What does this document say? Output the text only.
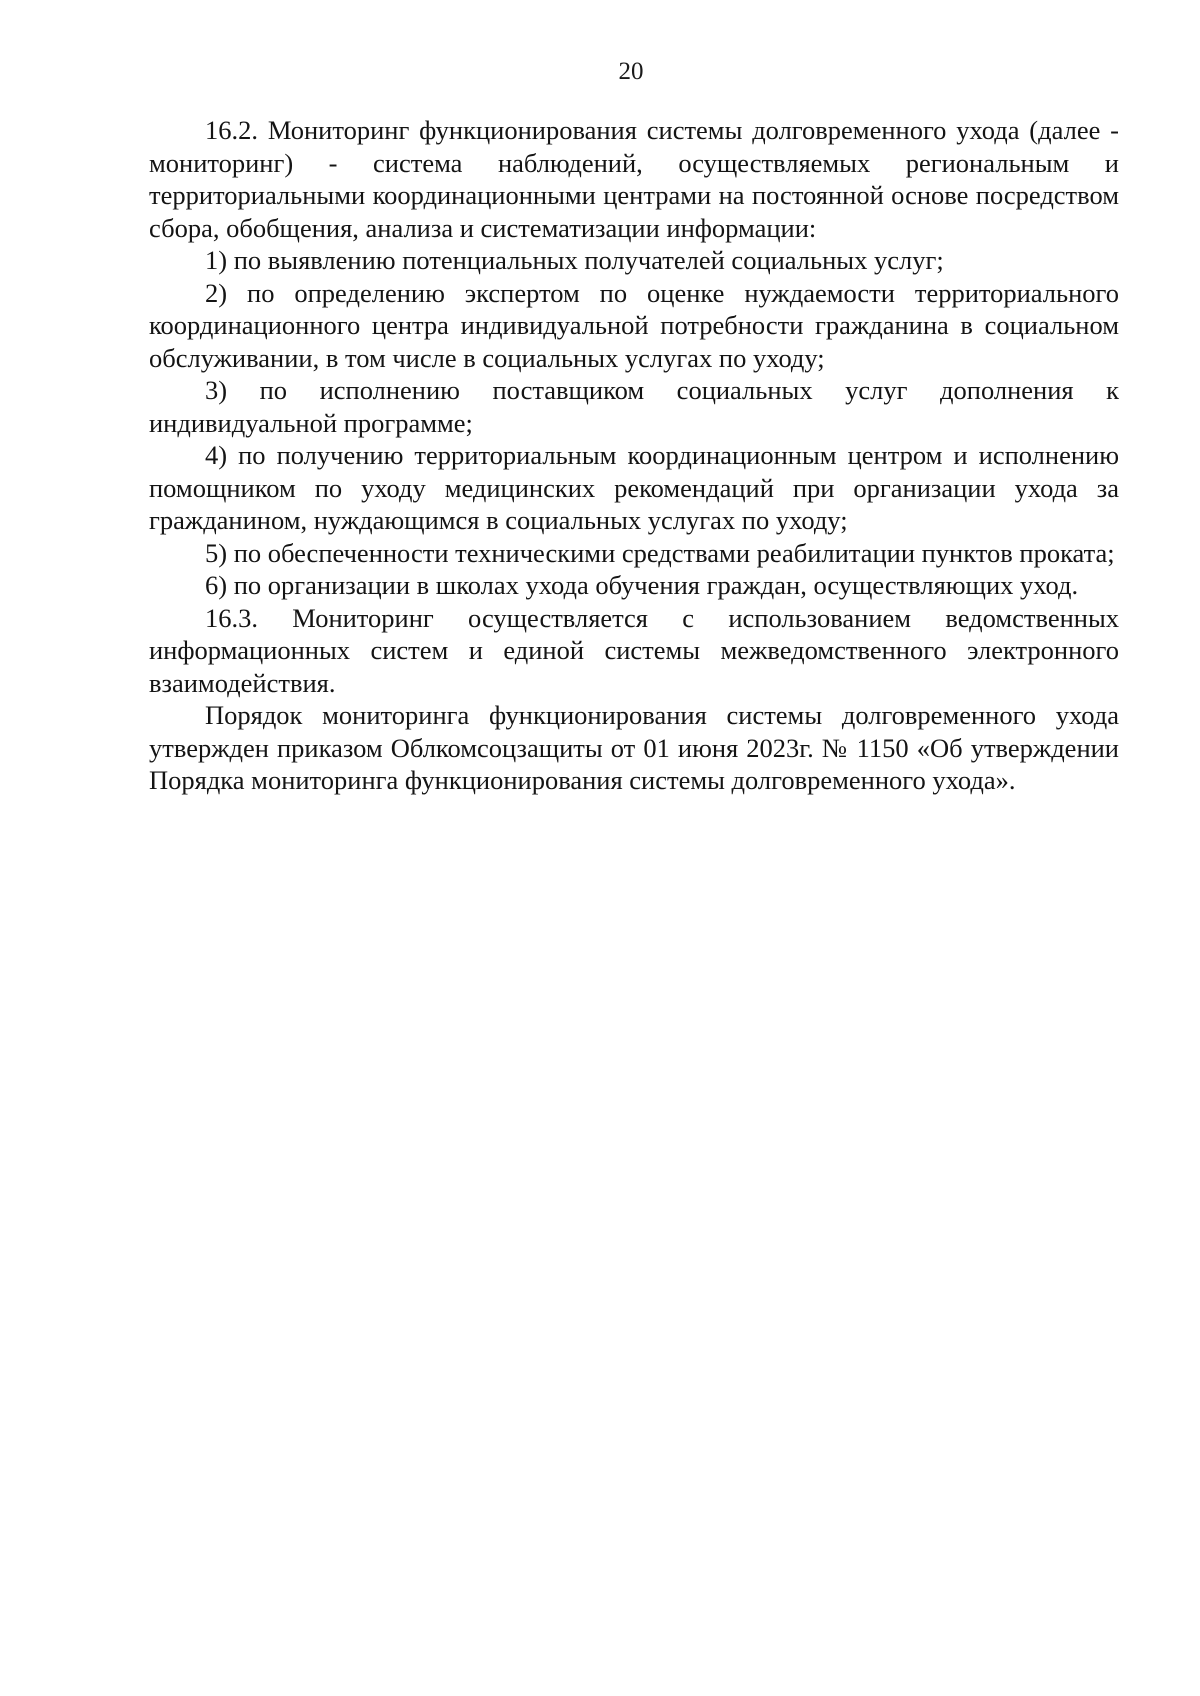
20

16.2. Мониторинг функционирования системы долговременного ухода (далее - мониторинг) - система наблюдений, осуществляемых региональным и территориальными координационными центрами на постоянной основе посредством сбора, обобщения, анализа и систематизации информации:

1) по выявлению потенциальных получателей социальных услуг;

2) по определению экспертом по оценке нуждаемости территориального координационного центра индивидуальной потребности гражданина в социальном обслуживании, в том числе в социальных услугах по уходу;

3) по исполнению поставщиком социальных услуг дополнения к индивидуальной программе;

4) по получению территориальным координационным центром и исполнению помощником по уходу медицинских рекомендаций при организации ухода за гражданином, нуждающимся в социальных услугах по уходу;

5) по обеспеченности техническими средствами реабилитации пунктов проката;

6) по организации в школах ухода обучения граждан, осуществляющих уход.

16.3. Мониторинг осуществляется с использованием ведомственных информационных систем и единой системы межведомственного электронного взаимодействия.

Порядок мониторинга функционирования системы долговременного ухода утвержден приказом Облкомсоцзащиты от 01 июня 2023г. № 1150 «Об утверждении Порядка мониторинга функционирования системы долговременного ухода».
